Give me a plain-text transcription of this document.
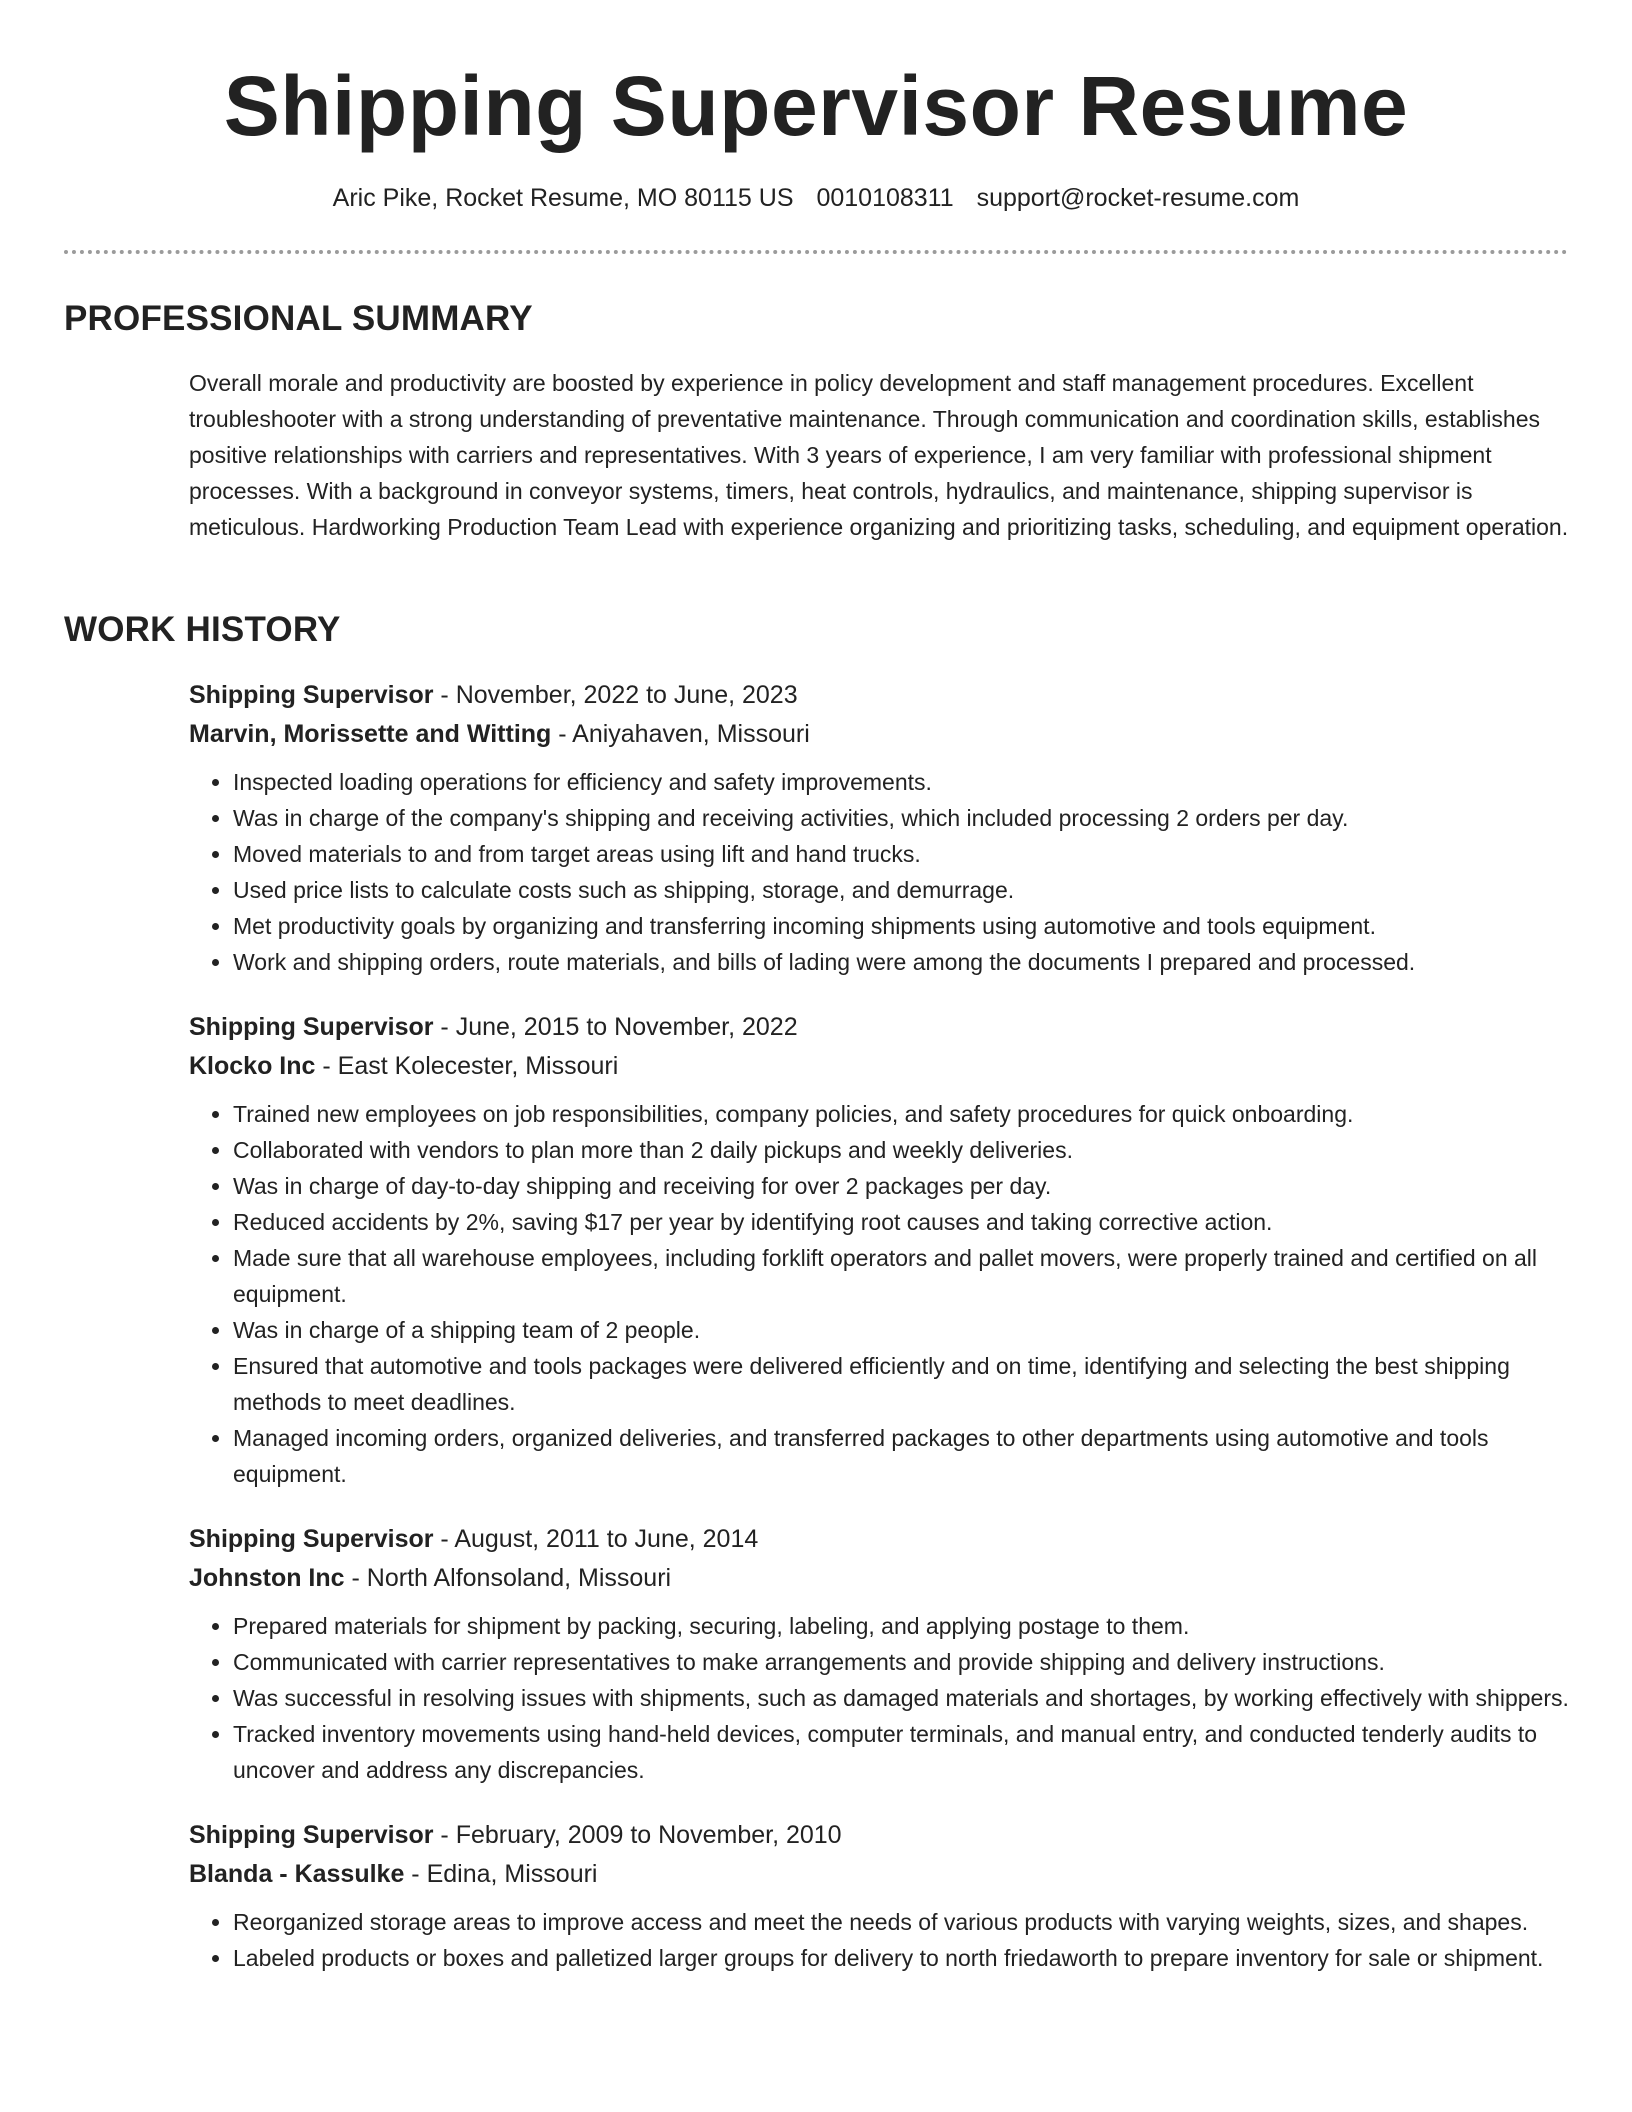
Shipping Supervisor Resume
Aric Pike, Rocket Resume, MO 80115 US 0010108311 support@rocket-resume.com
PROFESSIONAL SUMMARY

Overall morale and productivity are boosted by experience in policy development and staff management procedures. Excellent troubleshooter with a strong understanding of preventative maintenance. Through communication and coordination skills, establishes positive relationships with carriers and representatives. With 3 years of experience, I am very familiar with professional shipment processes. With a background in conveyor systems, timers, heat controls, hydraulics, and maintenance, shipping supervisor is meticulous. Hardworking Production Team Lead with experience organizing and prioritizing tasks, scheduling, and equipment operation.

WORK HISTORY
Shipping Supervisor - November, 2022 to June, 2023
Marvin, Morissette and Witting - Aniyahaven, Missouri
• Inspected loading operations for efficiency and safety improvements.
• Was in charge of the company's shipping and receiving activities, which included processing 2 orders per day.
• Moved materials to and from target areas using lift and hand trucks.
• Used price lists to calculate costs such as shipping, storage, and demurrage.
• Met productivity goals by organizing and transferring incoming shipments using automotive and tools equipment.
• Work and shipping orders, route materials, and bills of lading were among the documents I prepared and processed.
Shipping Supervisor - June, 2015 to November, 2022
Klocko Inc - East Kolecester, Missouri
• Trained new employees on job responsibilities, company policies, and safety procedures for quick onboarding.
• Collaborated with vendors to plan more than 2 daily pickups and weekly deliveries.
• Was in charge of day-to-day shipping and receiving for over 2 packages per day.
• Reduced accidents by 2%, saving $17 per year by identifying root causes and taking corrective action.
• Made sure that all warehouse employees, including forklift operators and pallet movers, were properly trained and certified on all equipment.
• Was in charge of a shipping team of 2 people.
• Ensured that automotive and tools packages were delivered efficiently and on time, identifying and selecting the best shipping methods to meet deadlines.
• Managed incoming orders, organized deliveries, and transferred packages to other departments using automotive and tools equipment.
Shipping Supervisor - August, 2011 to June, 2014
Johnston Inc - North Alfonsoland, Missouri
• Prepared materials for shipment by packing, securing, labeling, and applying postage to them.
• Communicated with carrier representatives to make arrangements and provide shipping and delivery instructions.
• Was successful in resolving issues with shipments, such as damaged materials and shortages, by working effectively with shippers.
• Tracked inventory movements using hand-held devices, computer terminals, and manual entry, and conducted tenderly audits to uncover and address any discrepancies.
Shipping Supervisor - February, 2009 to November, 2010
Blanda - Kassulke - Edina, Missouri
• Reorganized storage areas to improve access and meet the needs of various products with varying weights, sizes, and shapes.
• Labeled products or boxes and palletized larger groups for delivery to north friedaworth to prepare inventory for sale or shipment.
